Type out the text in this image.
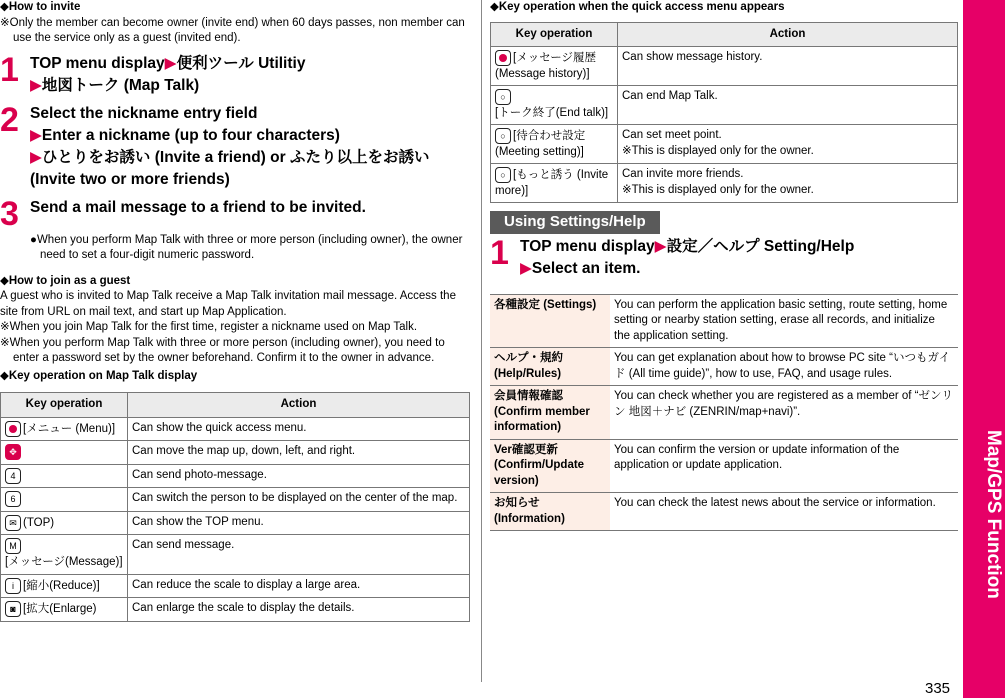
◆How to invite

※Only the member can become owner (invite end) when 60 days passes, non member can use the service only as a guest (invited end).

1 TOP menu display▶便利ツール Utilitiy
▶地図トーク (Map Talk)
2 Select the nickname entry field
▶Enter a nickname (up to four characters)
▶ひとりをお誘い (Invite a friend) or ふたり以上をお誘い (Invite two or more friends)
3 Send a mail message to a friend to be invited.

●When you perform Map Talk with three or more person (including owner), the owner need to set a four-digit numeric password.

◆How to join as a guest

A guest who is invited to Map Talk receive a Map Talk invitation mail message. Access the site from URL on mail text, and start up Map Application.

※When you join Map Talk for the first time, register a nickname used on Map Talk.

※When you perform Map Talk with three or more person (including owner), you need to enter a password set by the owner beforehand. Confirm it to the owner in advance.

◆Key operation on Map Talk display

Key operation	Action
[メニュー (Menu)]	Can show the quick access menu.
✥	Can move the map up, down, left, and right.
4	Can send photo-message.
6	Can switch the person to be displayed on the center of the map.
✉ (TOP)	Can show the TOP menu.
M
[メッセージ(Message)]	Can send message.
i [縮小(Reduce)]	Can reduce the scale to display a large area.
◙ [拡大(Enlarge)	Can enlarge the scale to display the details.

◆Key operation when the quick access menu appears

Key operation	Action
[メッセージ履歴 (Message history)]	Can show message history.
○
[トーク終了(End talk)]	Can end Map Talk.
○ [待合わせ設定 (Meeting setting)]	Can set meet point.
※This is displayed only for the owner.

○ [もっと誘う (Invite more)]	Can invite more friends.
※This is displayed only for the owner.
Using Settings/Help
1 TOP menu display▶設定／ヘルプ Setting/Help
▶Select an item.
各種設定 (Settings)	You can perform the application basic setting, route setting, home setting or nearby station setting, erase all records, and initialize the application setting.
ヘルプ・規約 (Help/Rules)	You can get explanation about how to browse PC site “いつもガイド (All time guide)”, how to use, FAQ, and usage rules.
会員情報確認 (Confirm member information)	You can check whether you are registered as a member of “ゼンリン 地図＋ナビ (ZENRIN/map+navi)”.
Ver確認更新 (Confirm/Update version)	You can confirm the version or update information of the application or update application.
お知らせ (Information)	You can check the latest news about the service or information.	Map/GPS Function
335
